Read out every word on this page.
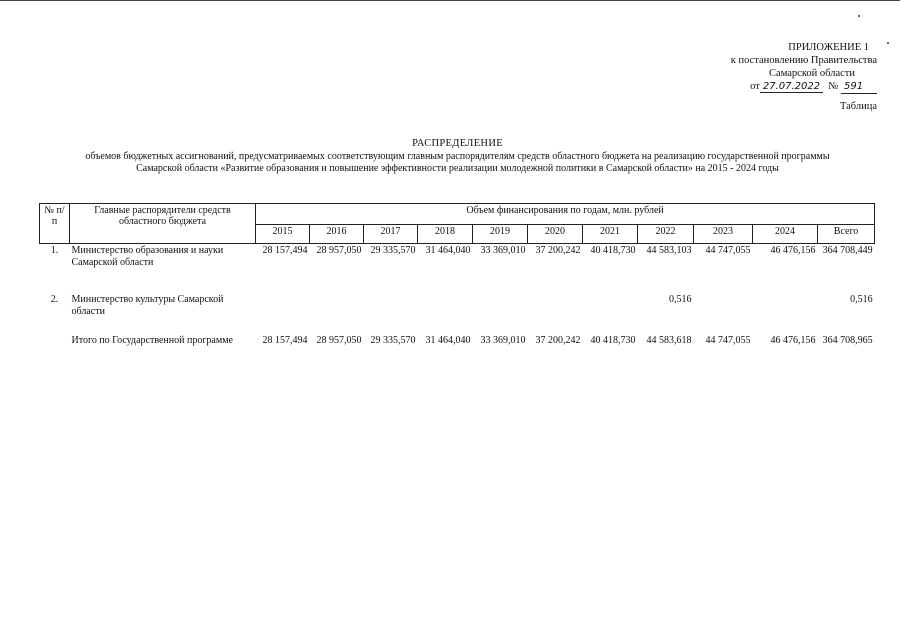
ПРИЛОЖЕНИЕ 1
к постановлению Правительства
Самарской области
от 27.07.2022 № 591
Таблица
РАСПРЕДЕЛЕНИЕ
объемов бюджетных ассигнований, предусматриваемых соответствующим главным распорядителям средств областного бюджета на реализацию государственной программы
Самарской области «Развитие образования и повышение эффективности реализации молодежной политики в Самарской области» на 2015 - 2024 годы
№ п/п	Главные распорядители средств областного бюджета	Объем финансирования по годам, млн. рублей										
		2015	2016	2017	2018	2019	2020	2021	2022	2023	2024	Всего
1.	Министерство образования и науки Самарской области	28 157,494	28 957,050	29 335,570	31 464,040	33 369,010	37 200,242	40 418,730	44 583,103	44 747,055	46 476,156	364 708,449

2.	Министерство культуры Самарской области								0,516			0,516

	Итого по Государственной программе	28 157,494	28 957,050	29 335,570	31 464,040	33 369,010	37 200,242	40 418,730	44 583,618	44 747,055	46 476,156	364 708,965
